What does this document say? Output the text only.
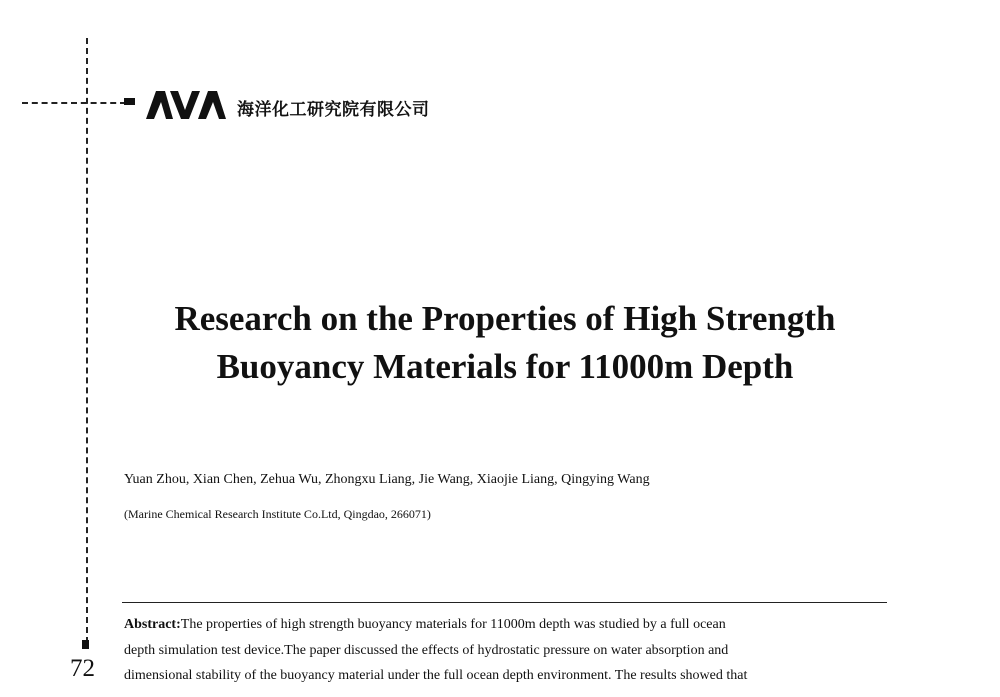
海洋化工研究院有限公司
Research on the Properties of High Strength
Buoyancy Materials for 11000m Depth
Yuan Zhou, Xian Chen, Zehua Wu, Zhongxu Liang, Jie Wang, Xiaojie Liang, Qingying Wang
(Marine Chemical Research Institute Co.Ltd, Qingdao, 266071)

Abstract:The properties of high strength buoyancy materials for 11000m depth was studied by a full ocean
depth simulation test device.The paper discussed the effects of hydrostatic pressure on water absorption and
dimensional stability of the buoyancy material under the full ocean depth environment. The results showed that

72
